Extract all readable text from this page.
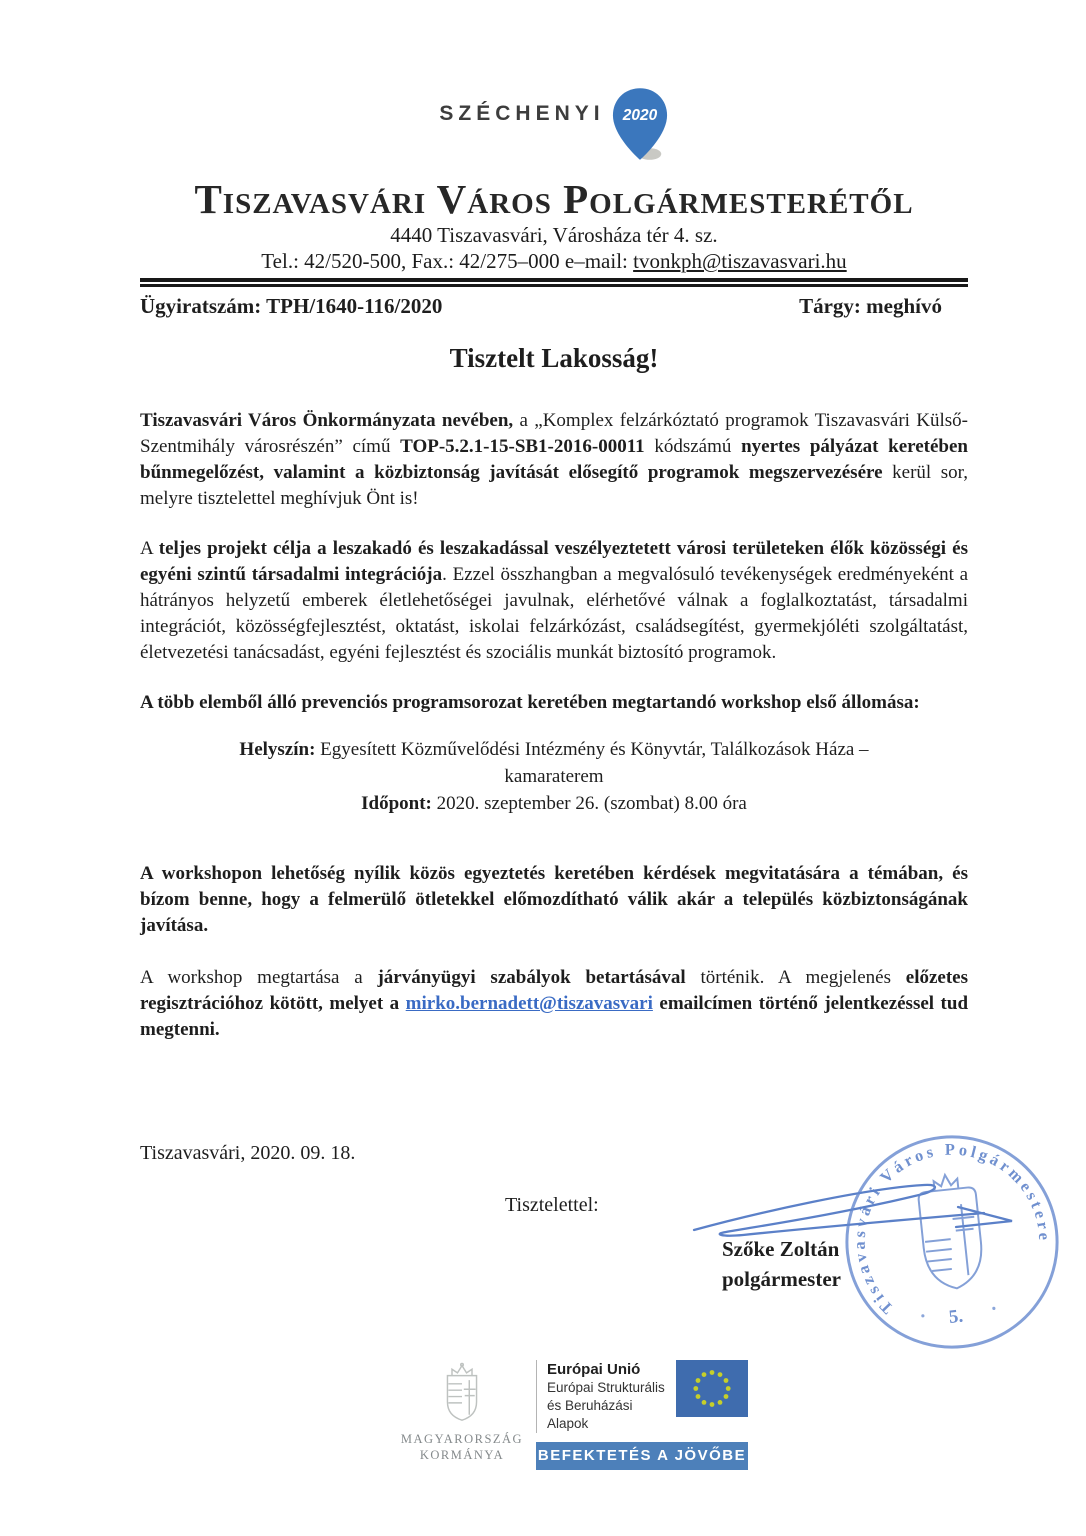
SZÉCHENYI 2020
Tiszavasvári Város Polgármesterétől
4440 Tiszavasvári, Városháza tér 4. sz.
Tel.: 42/520-500, Fax.: 42/275–000 e–mail: tvonkph@tiszavasvari.hu
Ügyiratszám: TPH/1640-116/2020	Tárgy: meghívó
Tisztelt Lakosság!

Tiszavasvári Város Önkormányzata nevében, a „Komplex felzárkóztató programok Tiszavasvári Külső-Szentmihály városrészén” című TOP-5.2.1-15-SB1-2016-00011 kódszámú nyertes pályázat keretében bűnmegelőzést, valamint a közbiztonság javítását elősegítő programok megszervezésére kerül sor, melyre tisztelettel meghívjuk Önt is!

A teljes projekt célja a leszakadó és leszakadással veszélyeztetett városi területeken élők közösségi és egyéni szintű társadalmi integrációja. Ezzel összhangban a megvalósuló tevékenységek eredményeként a hátrányos helyzetű emberek életlehetőségei javulnak, elérhetővé válnak a foglalkoztatást, társadalmi integrációt, közösségfejlesztést, oktatást, iskolai felzárkózást, családsegítést, gyermekjóléti szolgáltatást, életvezetési tanácsadást, egyéni fejlesztést és szociális munkát biztosító programok.

A több elemből álló prevenciós programsorozat keretében megtartandó workshop első állomása:

Helyszín: Egyesített Közművelődési Intézmény és Könyvtár, Találkozások Háza –
kamaraterem
Időpont: 2020. szeptember 26. (szombat) 8.00 óra

A workshopon lehetőség nyílik közös egyeztetés keretében kérdések megvitatására a témában, és bízom benne, hogy a felmerülő ötletekkel előmozdítható válik akár a település közbiztonságának javítása.

A workshop megtartása a járványügyi szabályok betartásával történik. A megjelenés előzetes regisztrációhoz kötött, melyet a mirko.bernadett@tiszavasvari emailcímen történő jelentkezéssel tud megtenni.

Tiszavasvári, 2020. 09. 18.
Tisztelettel:
Szőke Zoltán
polgármester
Tiszavasvári Város Polgármestere
5.
MAGYARORSZÁG
KORMÁNYA
Európai Unió
Európai Strukturális
és Beruházási Alapok
BEFEKTETÉS A JÖVŐBE
